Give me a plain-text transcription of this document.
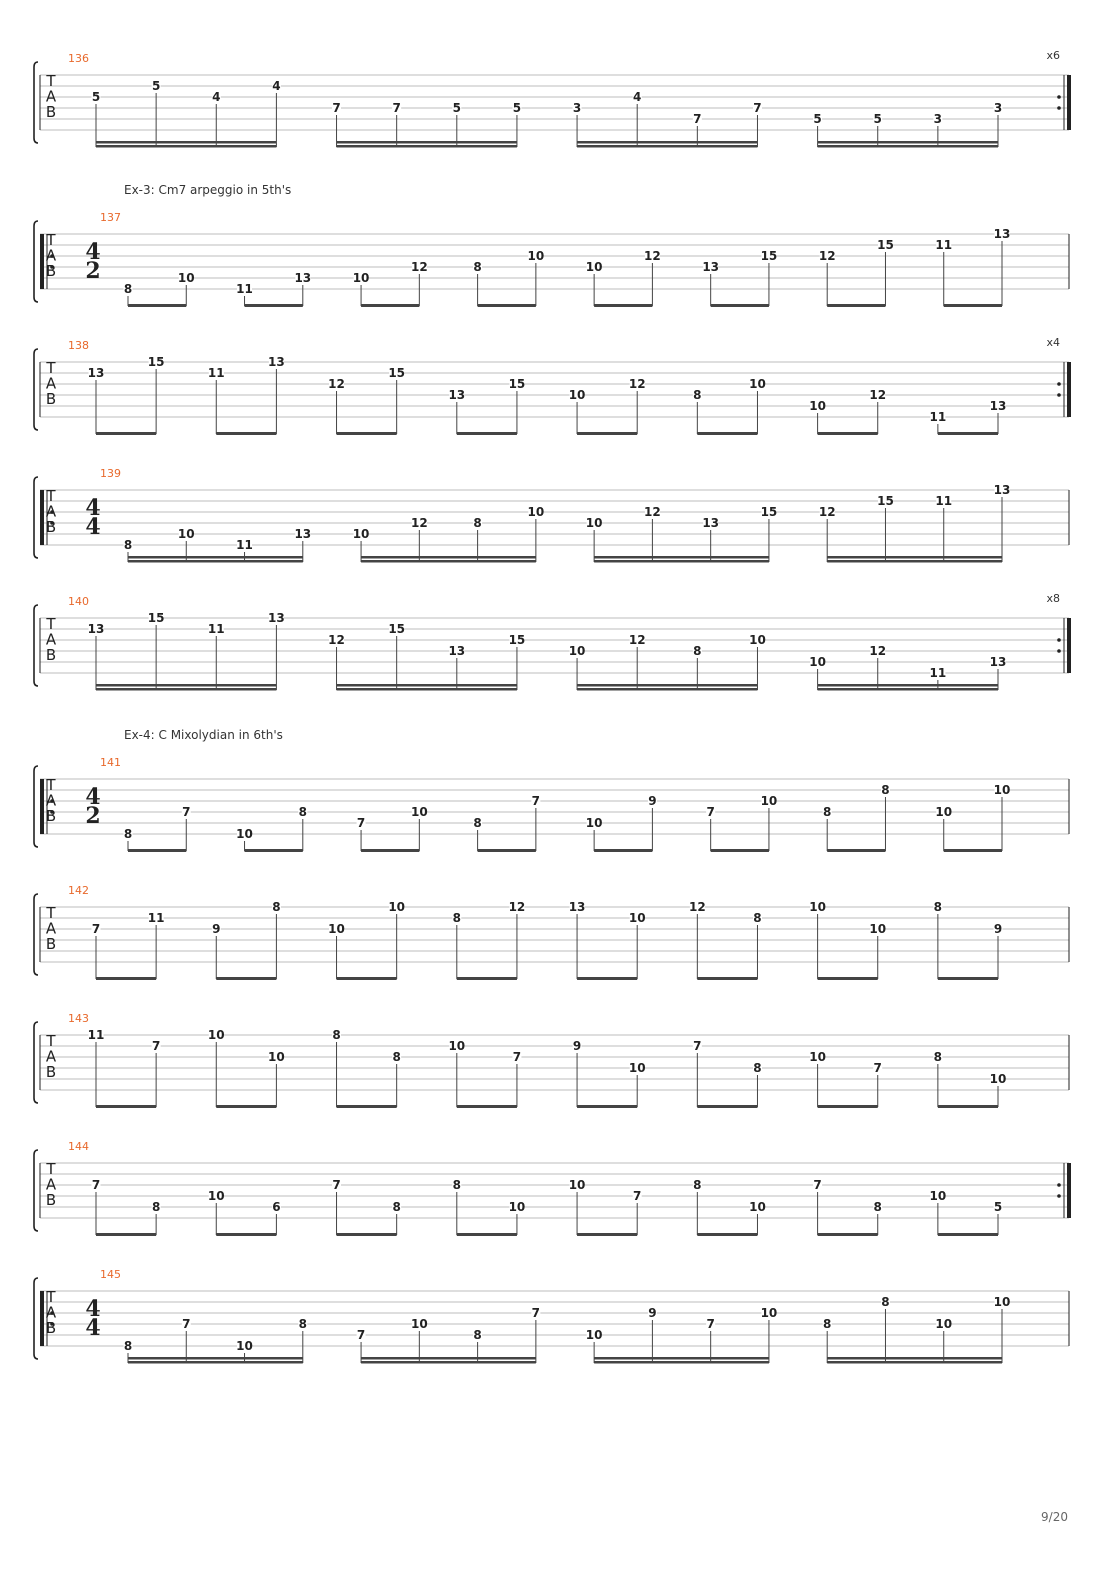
T
A
B
136	x6
5
5
4
4
7	7	5	5	3
4
7
7
5	5	3
3
T
A
B
4
2
137
Ex-3: Cm7 arpeggio in 5th's
8
10
11
13	10
12	8
10
10
12
13
15	12
15	11
13
T
A
B
138	x4
13
15
11
13
12
15
13
15
10
12
8
10
10
12
11
13
T
A
B
4
4
139
8
10
11
13	10
12	8
10
10
12
13
15	12
15	11
13
T
A
B
140	x8
13
15
11
13
12
15
13
15
10
12
8
10
10
12
11
13
T
A
B
4
2
141
Ex-4: C Mixolydian in 6th's
8
7
10
8
7
10
8
7
10
9
7
10
8
8
10
10
T
A
B
142
7
11
9
8
10
10
8
12	13
10
12
8
10
10
8
9
T
A
B
143
11
7
10
10
8
8
10
7
9
10
7
8
10
7
8
10
T
A
B
144
7
8
10
6
7
8
8
10
10
7
8
10
7
8
10
5
T
A
B
4
4
145
8
7
10
8
7
10
8
7
10
9
7
10
8
8
10
10
9/20
